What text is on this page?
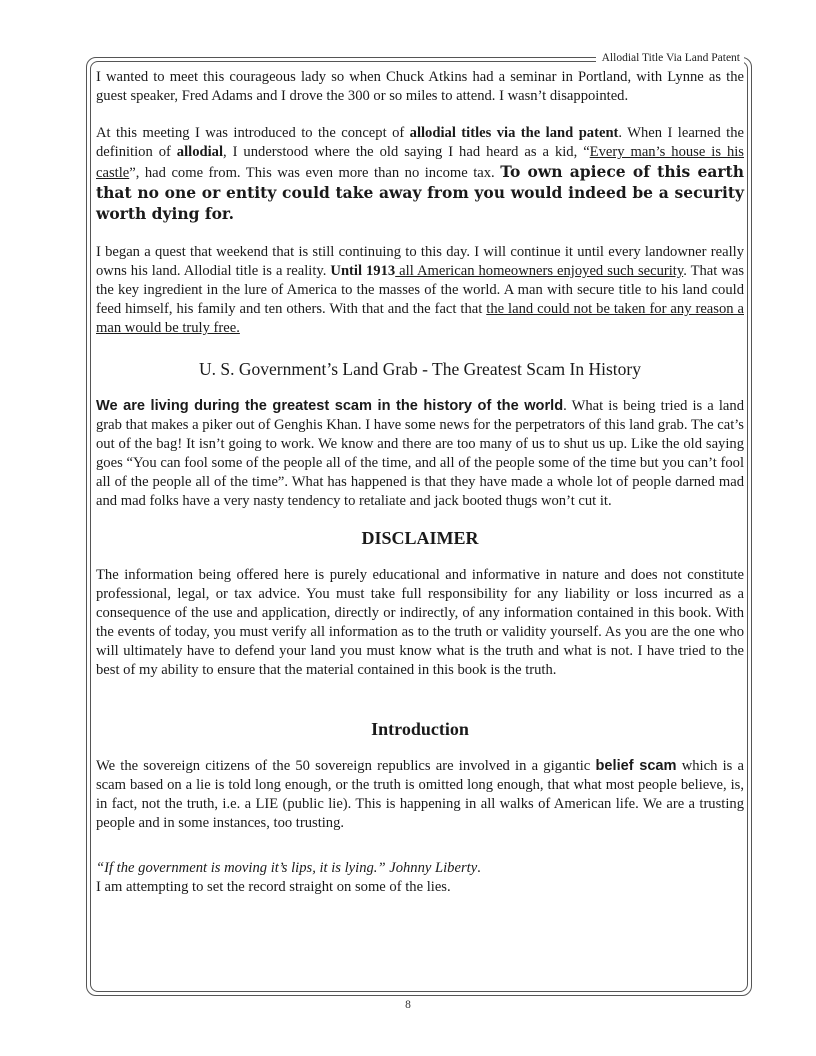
Allodial Title Via Land Patent

I wanted to meet this courageous lady so when Chuck Atkins had a seminar in Portland, with Lynne as the guest speaker, Fred Adams and I drove the 300 or so miles to attend. I wasn’t disappointed.

At this meeting I was introduced to the concept of allodial titles via the land patent. When I learned the definition of allodial, I understood where the old saying I had heard as a kid, “Every man’s house is his castle”, had come from. This was even more than no income tax. To own apiece of this earth that no one or entity could take away from you would indeed be a security worth dying for.

I began a quest that weekend that is still continuing to this day. I will continue it until every landowner really owns his land. Allodial title is a reality. Until 1913 all American homeowners enjoyed such security. That was the key ingredient in the lure of America to the masses of the world. A man with secure title to his land could feed himself, his family and ten others. With that and the fact that the land could not be taken for any reason a man would be truly free.

U. S. Government’s Land Grab - The Greatest Scam In History

We are living during the greatest scam in the history of the world. What is being tried is a land grab that makes a piker out of Genghis Khan. I have some news for the perpetrators of this land grab. The cat’s out of the bag! It isn’t going to work. We know and there are too many of us to shut us up. Like the old saying goes “You can fool some of the people all of the time, and all of the people some of the time but you can’t fool all of the people all of the time”. What has happened is that they have made a whole lot of people darned mad and mad folks have a very nasty tendency to retaliate and jack booted thugs won’t cut it.

DISCLAIMER

The information being offered here is purely educational and informative in nature and does not constitute professional, legal, or tax advice. You must take full responsibility for any liability or loss incurred as a consequence of the use and application, directly or indirectly, of any information contained in this book. With the events of today, you must verify all information as to the truth or validity yourself. As you are the one who will ultimately have to defend your land you must know what is the truth and what is not. I have tried to the best of my ability to ensure that the material contained in this book is the truth.

Introduction

We the sovereign citizens of the 50 sovereign republics are involved in a gigantic belief scam which is a scam based on a lie is told long enough, or the truth is omitted long enough, that what most people believe, is, in fact, not the truth, i.e. a LIE (public lie). This is happening in all walks of American life. We are a trusting people and in some instances, too trusting.

“If the government is moving it’s lips, it is lying.” Johnny Liberty.
I am attempting to set the record straight on some of the lies.
8
